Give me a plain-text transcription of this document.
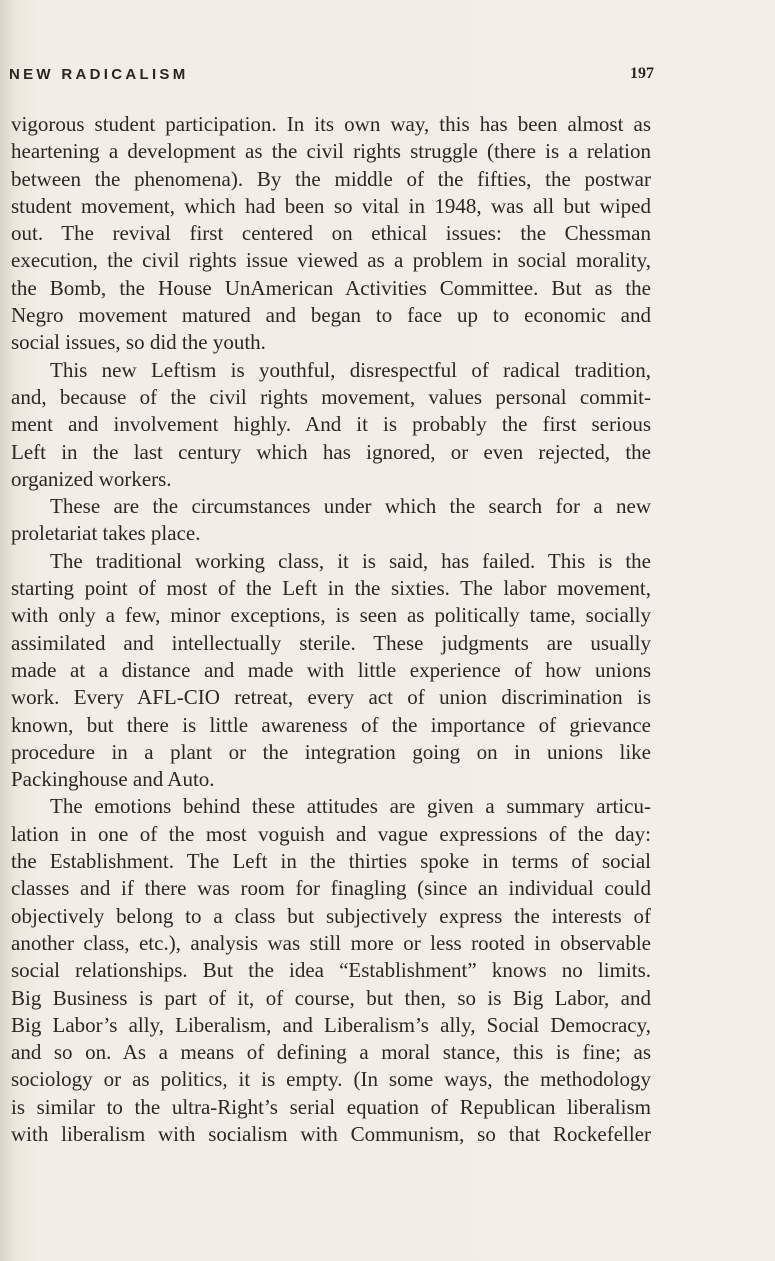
NEW RADICALISM	197
vigorous student participation. In its own way, this has been almost as
heartening a development as the civil rights struggle (there is a relation
between the phenomena). By the middle of the fifties, the postwar
student movement, which had been so vital in 1948, was all but wiped
out. The revival first centered on ethical issues: the Chessman
execution, the civil rights issue viewed as a problem in social morality,
the Bomb, the House UnAmerican Activities Committee. But as the
Negro movement matured and began to face up to economic and
social issues, so did the youth.
This new Leftism is youthful, disrespectful of radical tradition,
and, because of the civil rights movement, values personal commit-
ment and involvement highly. And it is probably the first serious
Left in the last century which has ignored, or even rejected, the
organized workers.
These are the circumstances under which the search for a new
proletariat takes place.
The traditional working class, it is said, has failed. This is the
starting point of most of the Left in the sixties. The labor movement,
with only a few, minor exceptions, is seen as politically tame, socially
assimilated and intellectually sterile. These judgments are usually
made at a distance and made with little experience of how unions
work. Every AFL-CIO retreat, every act of union discrimination is
known, but there is little awareness of the importance of grievance
procedure in a plant or the integration going on in unions like
Packinghouse and Auto.
The emotions behind these attitudes are given a summary articu-
lation in one of the most voguish and vague expressions of the day:
the Establishment. The Left in the thirties spoke in terms of social
classes and if there was room for finagling (since an individual could
objectively belong to a class but subjectively express the interests of
another class, etc.), analysis was still more or less rooted in observable
social relationships. But the idea “Establishment” knows no limits.
Big Business is part of it, of course, but then, so is Big Labor, and
Big Labor’s ally, Liberalism, and Liberalism’s ally, Social Democracy,
and so on. As a means of defining a moral stance, this is fine; as
sociology or as politics, it is empty. (In some ways, the methodology
is similar to the ultra-Right’s serial equation of Republican liberalism
with liberalism with socialism with Communism, so that Rockefeller
